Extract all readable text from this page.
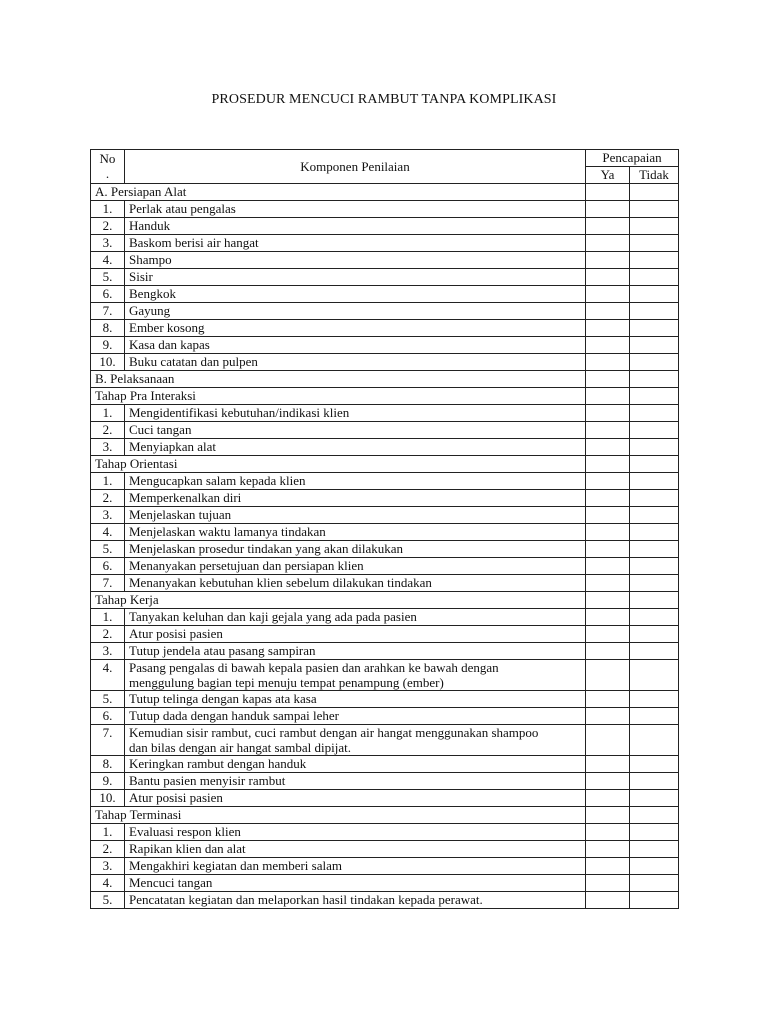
PROSEDUR MENCUCI RAMBUT TANPA KOMPLIKASI
No
.	Komponen Penilaian	Pencapaian	
		Ya	Tidak
A. Persiapan Alat			
1.	Perlak atau pengalas		
2.	Handuk		
3.	Baskom berisi air hangat		
4.	Shampo		
5.	Sisir		
6.	Bengkok		
7.	Gayung		
8.	Ember kosong		
9.	Kasa dan kapas		
10.	Buku catatan dan pulpen		
B. Pelaksanaan			
Tahap Pra Interaksi			
1.	Mengidentifikasi kebutuhan/indikasi klien		
2.	Cuci tangan		
3.	Menyiapkan alat		
Tahap Orientasi			
1.	Mengucapkan salam kepada klien		
2.	Memperkenalkan diri		
3.	Menjelaskan tujuan		
4.	Menjelaskan waktu lamanya tindakan		
5.	Menjelaskan prosedur tindakan yang akan dilakukan		
6.	Menanyakan persetujuan dan persiapan klien		
7.	Menanyakan kebutuhan klien sebelum dilakukan tindakan		
Tahap Kerja			
1.	Tanyakan keluhan dan kaji gejala yang ada pada pasien		
2.	Atur posisi pasien		
3.	Tutup jendela atau pasang sampiran		
4.	Pasang pengalas di bawah kepala pasien dan arahkan ke bawah dengan
menggulung bagian tepi menuju tempat penampung (ember)		

5.	Tutup telinga dengan kapas ata kasa		
6.	Tutup dada dengan handuk sampai leher		
7.	Kemudian sisir rambut, cuci rambut dengan air hangat menggunakan shampoo
dan bilas dengan air hangat sambal dipijat.		

8.	Keringkan rambut dengan handuk		
9.	Bantu pasien menyisir rambut		
10.	Atur posisi pasien		
Tahap Terminasi			
1.	Evaluasi respon klien		
2.	Rapikan klien dan alat		
3.	Mengakhiri kegiatan dan memberi salam		
4.	Mencuci tangan		
5.	Pencatatan kegiatan dan melaporkan hasil tindakan kepada perawat.		
